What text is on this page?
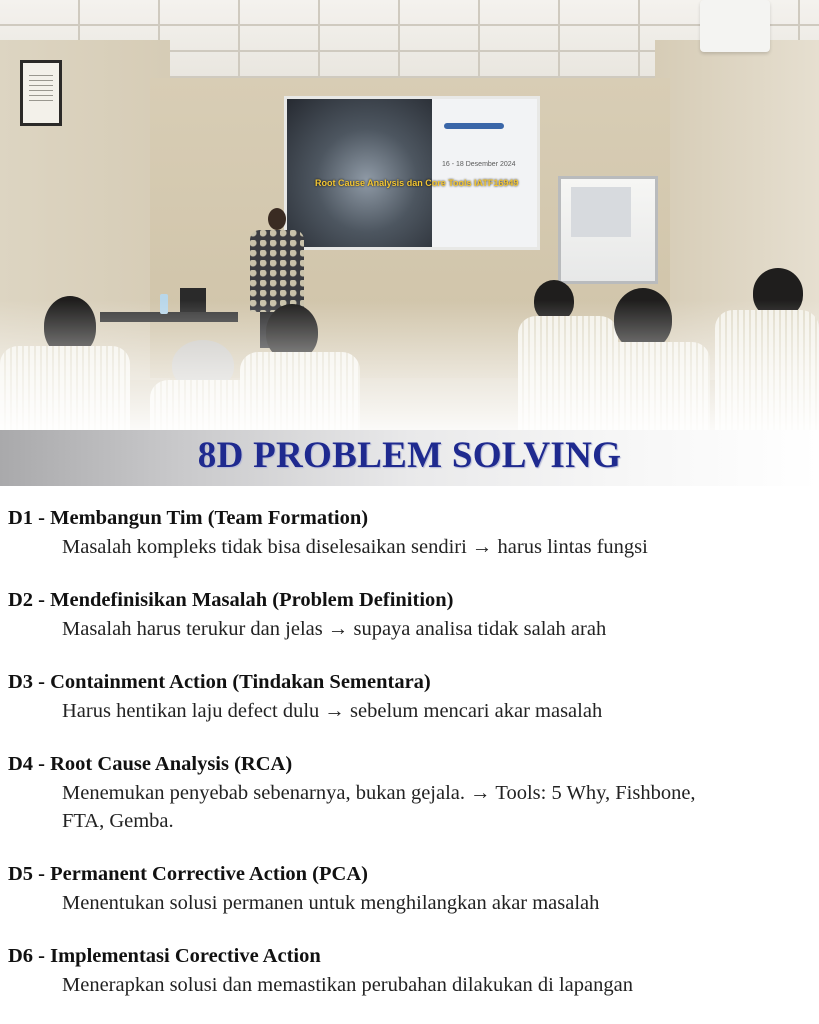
16 - 18 Desember 2024
Root Cause Analysis dan Core Tools IATF16949
8D PROBLEM SOLVING
D1 - Membangun Tim (Team Formation)
Masalah kompleks tidak bisa diselesaikan sendiri → harus lintas fungsi
D2 - Mendefinisikan Masalah (Problem Definition)
Masalah harus terukur dan jelas → supaya analisa tidak salah arah
D3 - Containment Action (Tindakan Sementara)
Harus hentikan laju defect dulu → sebelum mencari akar masalah
D4 - Root Cause Analysis (RCA)
Menemukan penyebab sebenarnya, bukan gejala. → Tools: 5 Why, Fishbone, FTA, Gemba.
D5 - Permanent Corrective Action (PCA)
Menentukan solusi permanen untuk menghilangkan akar masalah
D6 - Implementasi Corective Action
Menerapkan solusi dan memastikan perubahan dilakukan di lapangan
